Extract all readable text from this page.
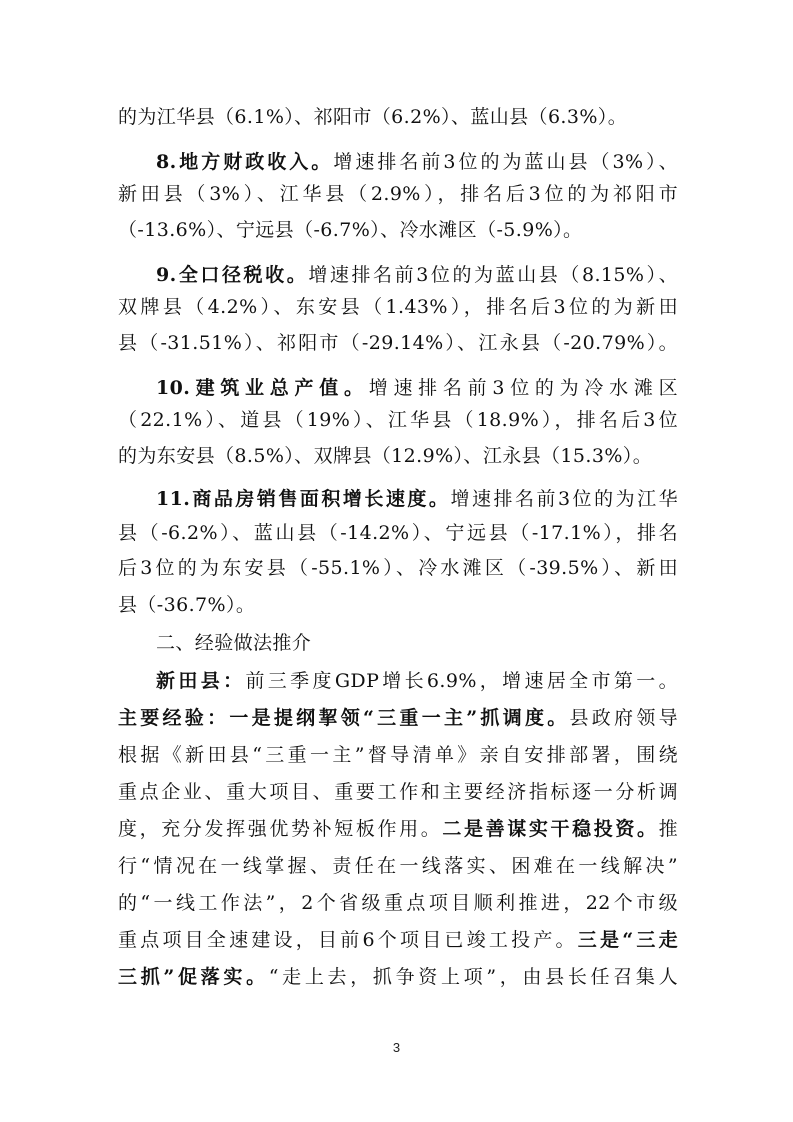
的为江华县（6.1%）、祁阳市（6.2%）、蓝山县（6.3%）。
8.地方财政收入。增速排名前3位的为蓝山县（3%）、
新田县（3%）、江华县（2.9%），排名后3位的为祁阳市
（-13.6%）、宁远县（-6.7%）、冷水滩区（-5.9%）。
9.全口径税收。增速排名前3位的为蓝山县（8.15%）、
双牌县（4.2%）、东安县（1.43%），排名后3位的为新田
县（-31.51%）、祁阳市（-29.14%）、江永县（-20.79%）。
10.建筑业总产值。增速排名前3位的为冷水滩区
（22.1%）、道县（19%）、江华县（18.9%），排名后3位
的为东安县（8.5%）、双牌县（12.9%）、江永县（15.3%）。
11.商品房销售面积增长速度。增速排名前3位的为江华
县（-6.2%）、蓝山县（-14.2%）、宁远县（-17.1%），排名
后3位的为东安县（-55.1%）、冷水滩区（-39.5%）、新田
县（-36.7%）。
二、经验做法推介
新田县：前三季度GDP增长6.9%，增速居全市第一。
主要经验：一是提纲挈领“三重一主”抓调度。县政府领导
根据《新田县“三重一主”督导清单》亲自安排部署，围绕
重点企业、重大项目、重要工作和主要经济指标逐一分析调
度，充分发挥强优势补短板作用。二是善谋实干稳投资。推
行“情况在一线掌握、责任在一线落实、困难在一线解决”
的“一线工作法”，2个省级重点项目顺利推进，22个市级
重点项目全速建设，目前6个项目已竣工投产。三是“三走
三抓”促落实。“走上去，抓争资上项”，由县长任召集人
3
